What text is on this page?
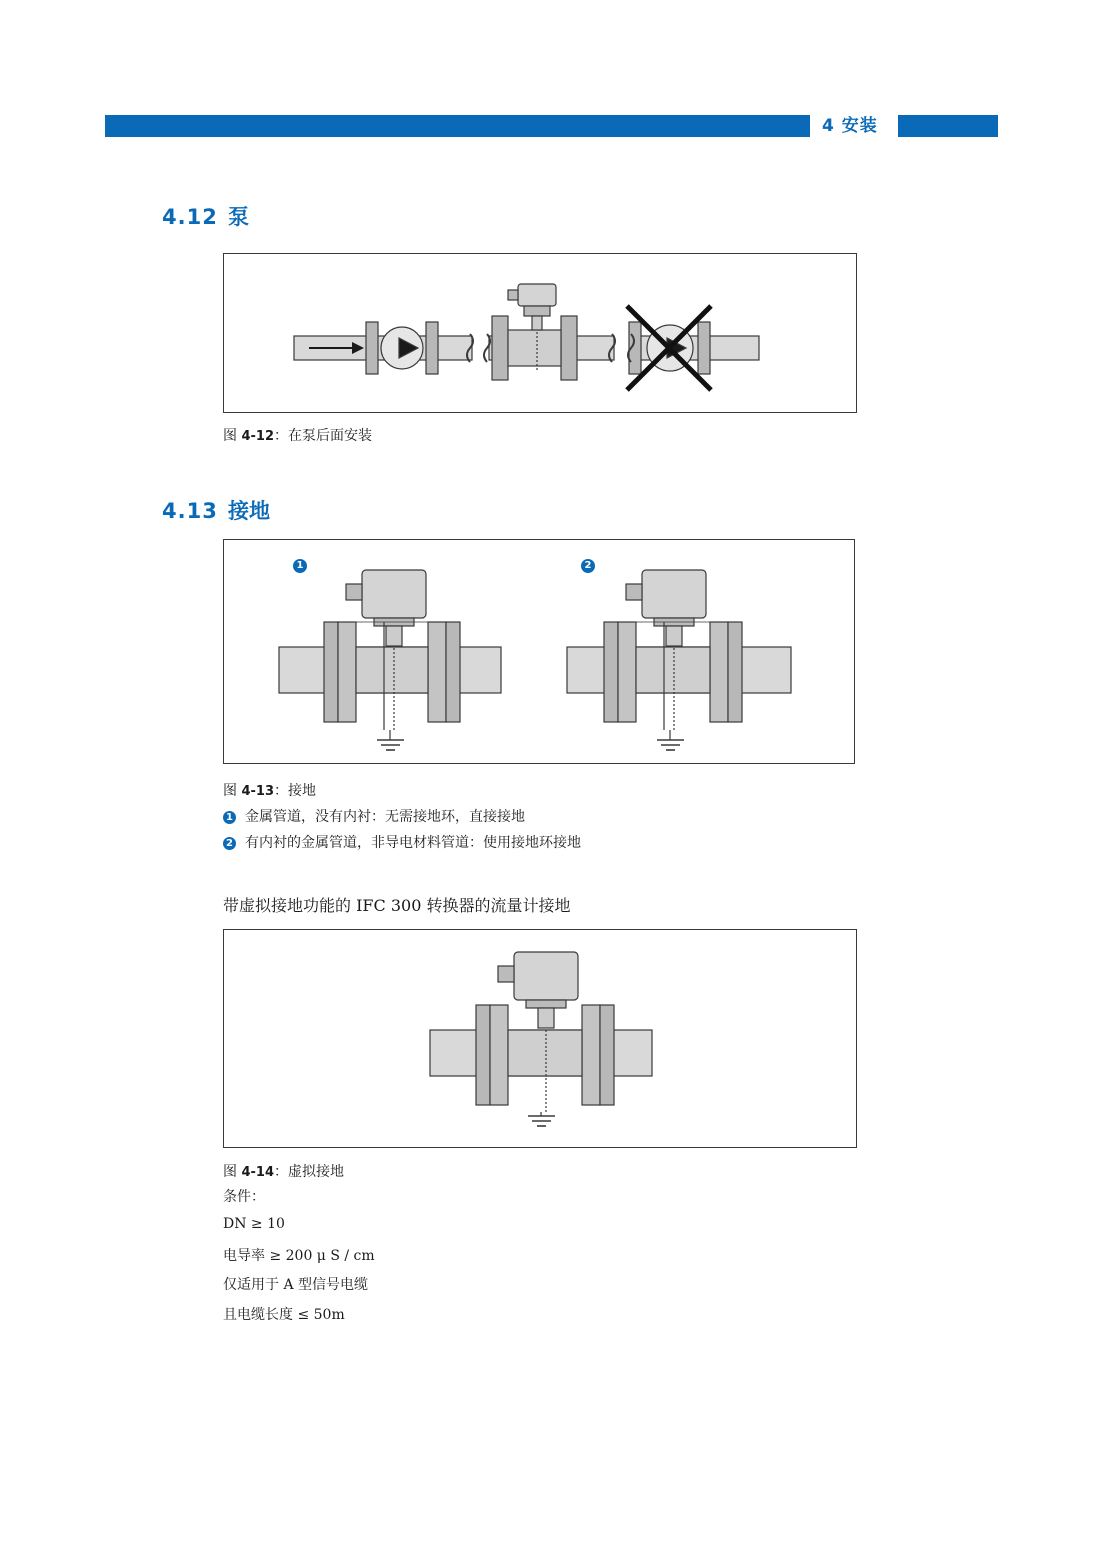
4 安装
4.12 泵
图 4-12：在泵后面安装
4.13 接地
1	2
图 4-13：接地
1 金属管道，没有内衬：无需接地环，直接接地
2 有内衬的金属管道，非导电材料管道：使用接地环接地
带虚拟接地功能的 IFC 300 转换器的流量计接地
图 4-14：虚拟接地
条件：
DN ≥ 10
电导率 ≥ 200 μ S / cm
仅适用于 A 型信号电缆
且电缆长度 ≤ 50m
